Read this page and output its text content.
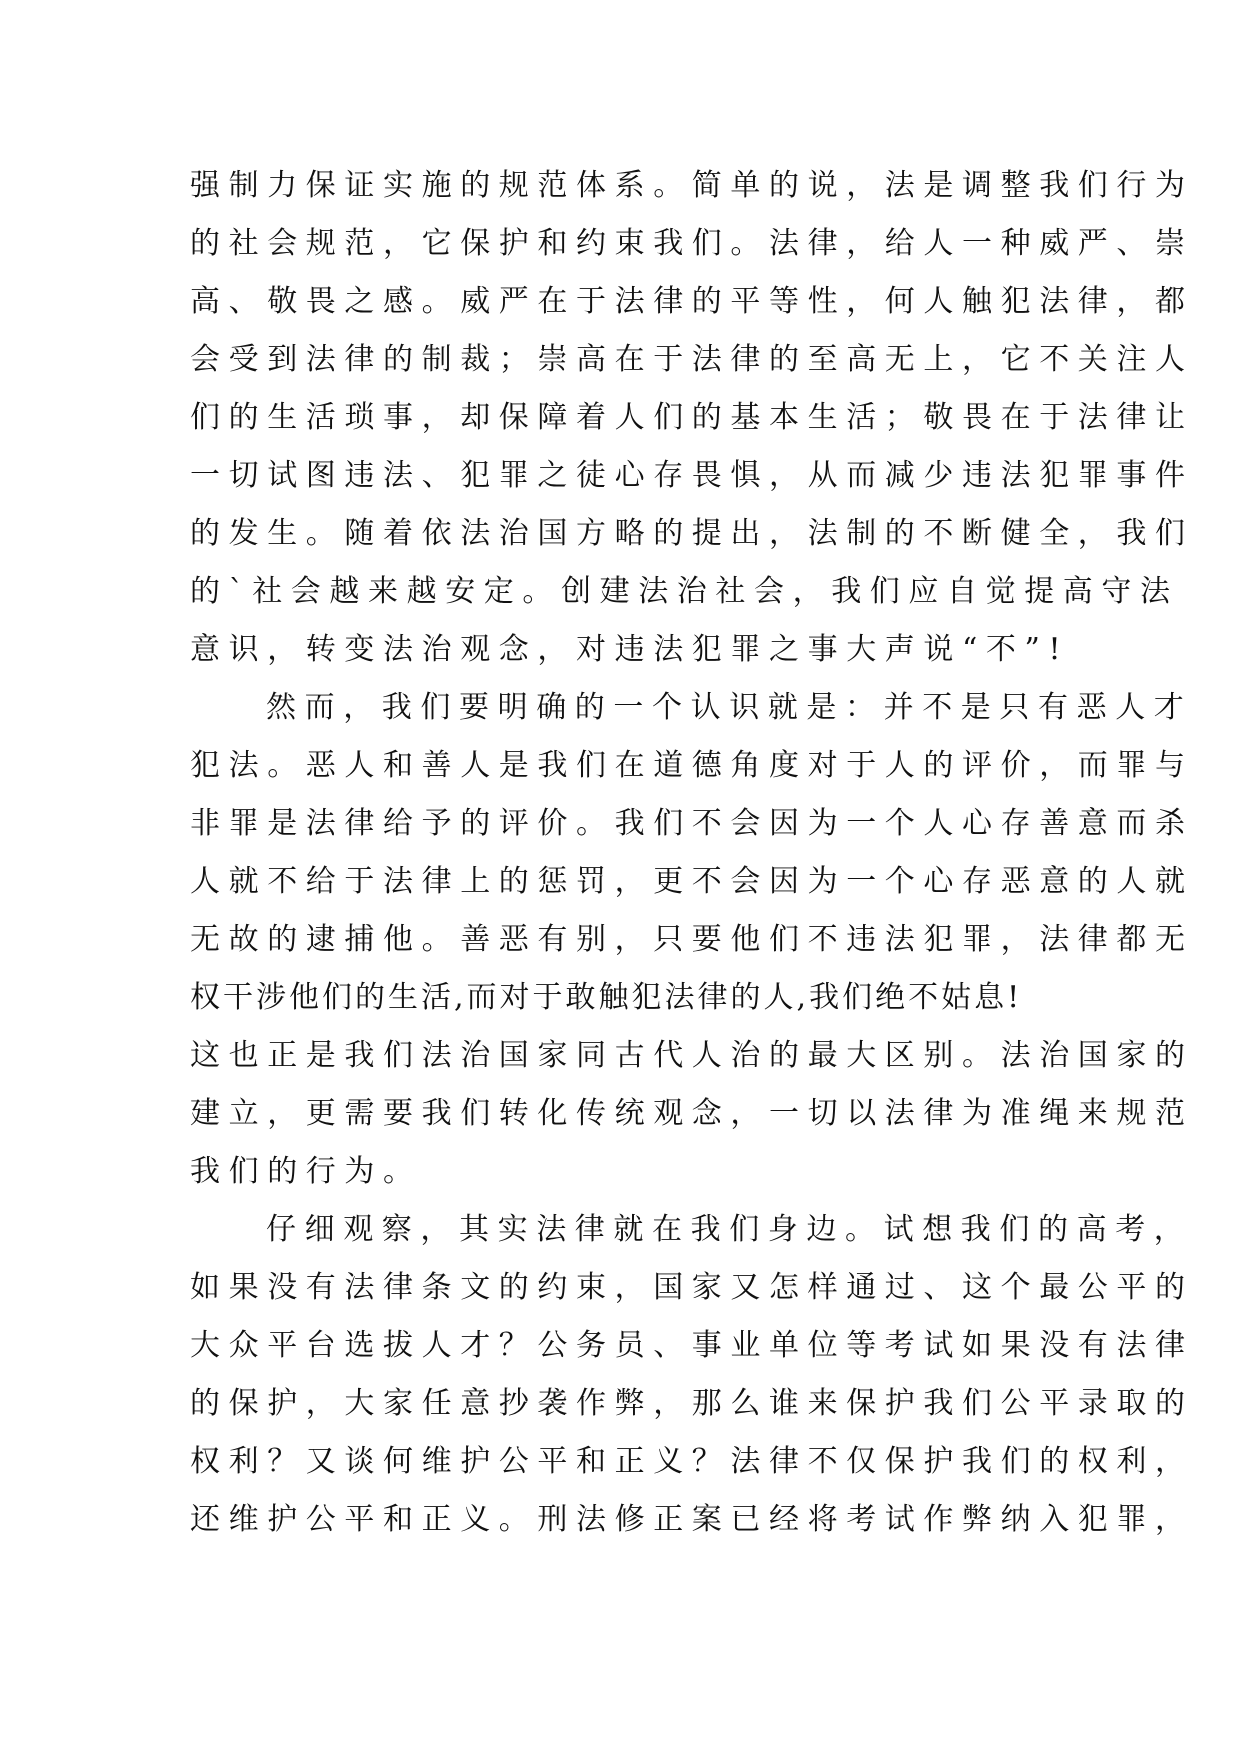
强制力保证实施的规范体系。简单的说，法是调整我们行为
的社会规范，它保护和约束我们。法律，给人一种威严、崇
高、敬畏之感。威严在于法律的平等性，何人触犯法律，都
会受到法律的制裁；崇高在于法律的至高无上，它不关注人
们的生活琐事，却保障着人们的基本生活；敬畏在于法律让
一切试图违法、犯罪之徒心存畏惧，从而减少违法犯罪事件
的发生。随着依法治国方略的提出，法制的不断健全，我们
的`社会越来越安定。创建法治社会，我们应自觉提高守法
意识，转变法治观念，对违法犯罪之事大声说“不”!
然而，我们要明确的一个认识就是：并不是只有恶人才
犯法。恶人和善人是我们在道德角度对于人的评价，而罪与
非罪是法律给予的评价。我们不会因为一个人心存善意而杀
人就不给于法律上的惩罚，更不会因为一个心存恶意的人就
无故的逮捕他。善恶有别，只要他们不违法犯罪，法律都无
权干涉他们的生活,而对于敢触犯法律的人,我们绝不姑息!
这也正是我们法治国家同古代人治的最大区别。法治国家的
建立，更需要我们转化传统观念，一切以法律为准绳来规范
我们的行为。
仔细观察，其实法律就在我们身边。试想我们的高考，
如果没有法律条文的约束，国家又怎样通过、这个最公平的
大众平台选拔人才？公务员、事业单位等考试如果没有法律
的保护，大家任意抄袭作弊，那么谁来保护我们公平录取的
权利？又谈何维护公平和正义？法律不仅保护我们的权利，
还维护公平和正义。刑法修正案已经将考试作弊纳入犯罪，
